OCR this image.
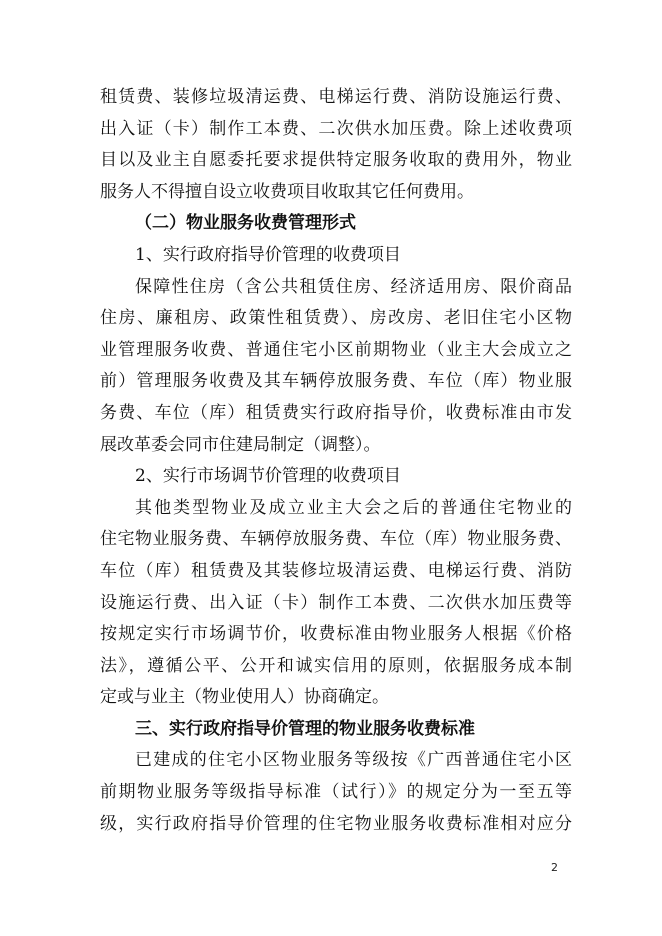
租赁费、装修垃圾清运费、电梯运行费、消防设施运行费、
出入证（卡）制作工本费、二次供水加压费。除上述收费项
目以及业主自愿委托要求提供特定服务收取的费用外，物业
服务人不得擅自设立收费项目收取其它任何费用。
（二）物业服务收费管理形式
1、实行政府指导价管理的收费项目
保障性住房（含公共租赁住房、经济适用房、限价商品
住房、廉租房、政策性租赁费）、房改房、老旧住宅小区物
业管理服务收费、普通住宅小区前期物业（业主大会成立之
前）管理服务收费及其车辆停放服务费、车位（库）物业服
务费、车位（库）租赁费实行政府指导价，收费标准由市发
展改革委会同市住建局制定（调整）。
2、实行市场调节价管理的收费项目
其他类型物业及成立业主大会之后的普通住宅物业的
住宅物业服务费、车辆停放服务费、车位（库）物业服务费、
车位（库）租赁费及其装修垃圾清运费、电梯运行费、消防
设施运行费、出入证（卡）制作工本费、二次供水加压费等
按规定实行市场调节价，收费标准由物业服务人根据《价格
法》，遵循公平、公开和诚实信用的原则，依据服务成本制
定或与业主（物业使用人）协商确定。
三、实行政府指导价管理的物业服务收费标准
已建成的住宅小区物业服务等级按《广西普通住宅小区
前期物业服务等级指导标准（试行）》的规定分为一至五等
级，实行政府指导价管理的住宅物业服务收费标准相对应分
2
